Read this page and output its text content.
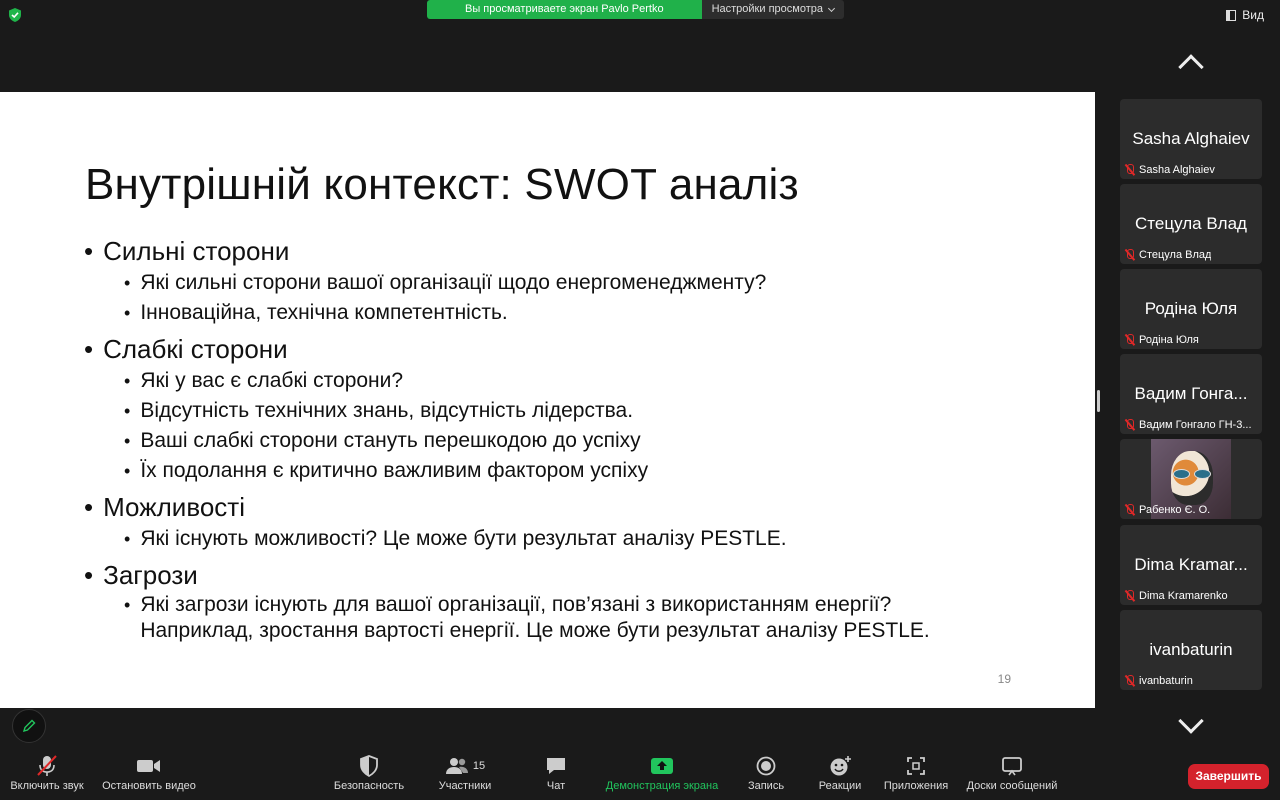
Вы просматриваете экран Pavlo Pertko	Настройки просмотра	Вид
Внутрішній контекст: SWOT аналіз
• Сильні сторони
• Які сильні сторони вашої організації щодо енергоменеджменту?
• Інноваційна, технічна компетентність.
• Слабкі сторони
• Які у вас є слабкі сторони?
• Відсутність технічних знань, відсутність лідерства.
• Ваші слабкі сторони стануть перешкодою до успіху
• Їх подолання є критично важливим фактором успіху
• Можливості
• Які існують можливості? Це може бути результат аналізу PESTLE.
• Загрози
• Які загрози існують для вашої організації, пов’язані з використанням енергії? Наприклад, зростання вартості енергії. Це може бути результат аналізу PESTLE.
19
Sasha Alghaiev
Sasha Alghaiev
Стецула Влад
Стецула Влад
Родіна Юля
Родіна Юля
Вадим Гонга...
Вадим Гонгало ГН-3...
Рабенко Є. О.
Dima Kramar...
Dima Kramarenko
ivanbaturin
ivanbaturin
Включить звук Остановить видео	Безопасность
15
Участники	Чат	Демонстрация экрана	Запись	Реакции Приложения Доски сообщений
Завершить
